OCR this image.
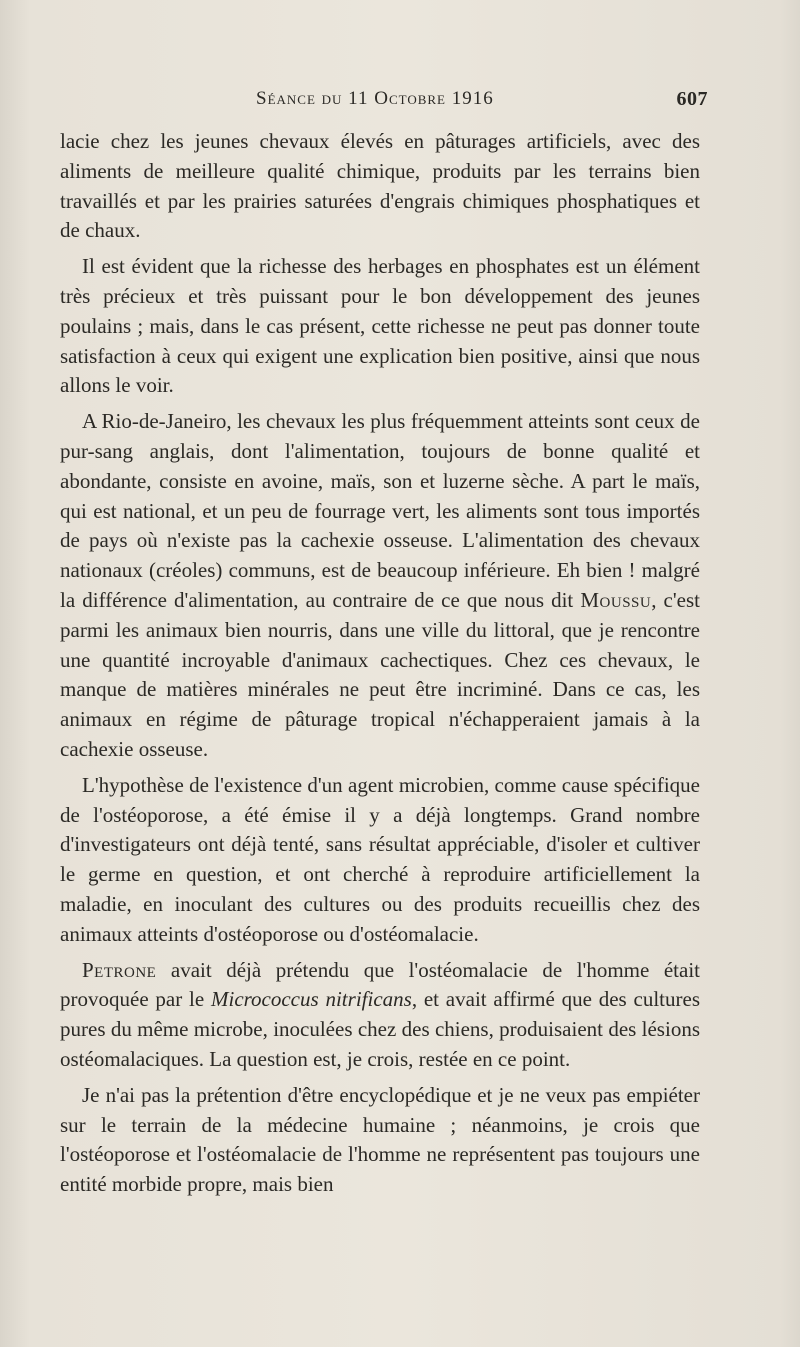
Séance du 11 Octobre 1916	607

lacie chez les jeunes chevaux élevés en pâturages artificiels, avec des aliments de meilleure qualité chimique, produits par les terrains bien travaillés et par les prairies saturées d'engrais chimiques phosphatiques et de chaux.

Il est évident que la richesse des herbages en phosphates est un élément très précieux et très puissant pour le bon développement des jeunes poulains ; mais, dans le cas présent, cette richesse ne peut pas donner toute satisfaction à ceux qui exigent une explication bien positive, ainsi que nous allons le voir.

A Rio-de-Janeiro, les chevaux les plus fréquemment atteints sont ceux de pur-sang anglais, dont l'alimentation, toujours de bonne qualité et abondante, consiste en avoine, maïs, son et luzerne sèche. A part le maïs, qui est national, et un peu de fourrage vert, les aliments sont tous importés de pays où n'existe pas la cachexie osseuse. L'alimentation des chevaux nationaux (créoles) communs, est de beaucoup inférieure. Eh bien ! malgré la différence d'alimentation, au contraire de ce que nous dit Moussu, c'est parmi les animaux bien nourris, dans une ville du littoral, que je rencontre une quantité incroyable d'animaux cachectiques. Chez ces chevaux, le manque de matières minérales ne peut être incriminé. Dans ce cas, les animaux en régime de pâturage tropical n'échapperaient jamais à la cachexie osseuse.

L'hypothèse de l'existence d'un agent microbien, comme cause spécifique de l'ostéoporose, a été émise il y a déjà longtemps. Grand nombre d'investigateurs ont déjà tenté, sans résultat appréciable, d'isoler et cultiver le germe en question, et ont cherché à reproduire artificiellement la maladie, en inoculant des cultures ou des produits recueillis chez des animaux atteints d'ostéoporose ou d'ostéomalacie.

Petrone avait déjà prétendu que l'ostéomalacie de l'homme était provoquée par le Micrococcus nitrificans, et avait affirmé que des cultures pures du même microbe, inoculées chez des chiens, produisaient des lésions ostéomalaciques. La question est, je crois, restée en ce point.

Je n'ai pas la prétention d'être encyclopédique et je ne veux pas empiéter sur le terrain de la médecine humaine ; néanmoins, je crois que l'ostéoporose et l'ostéomalacie de l'homme ne représentent pas toujours une entité morbide propre, mais bien
